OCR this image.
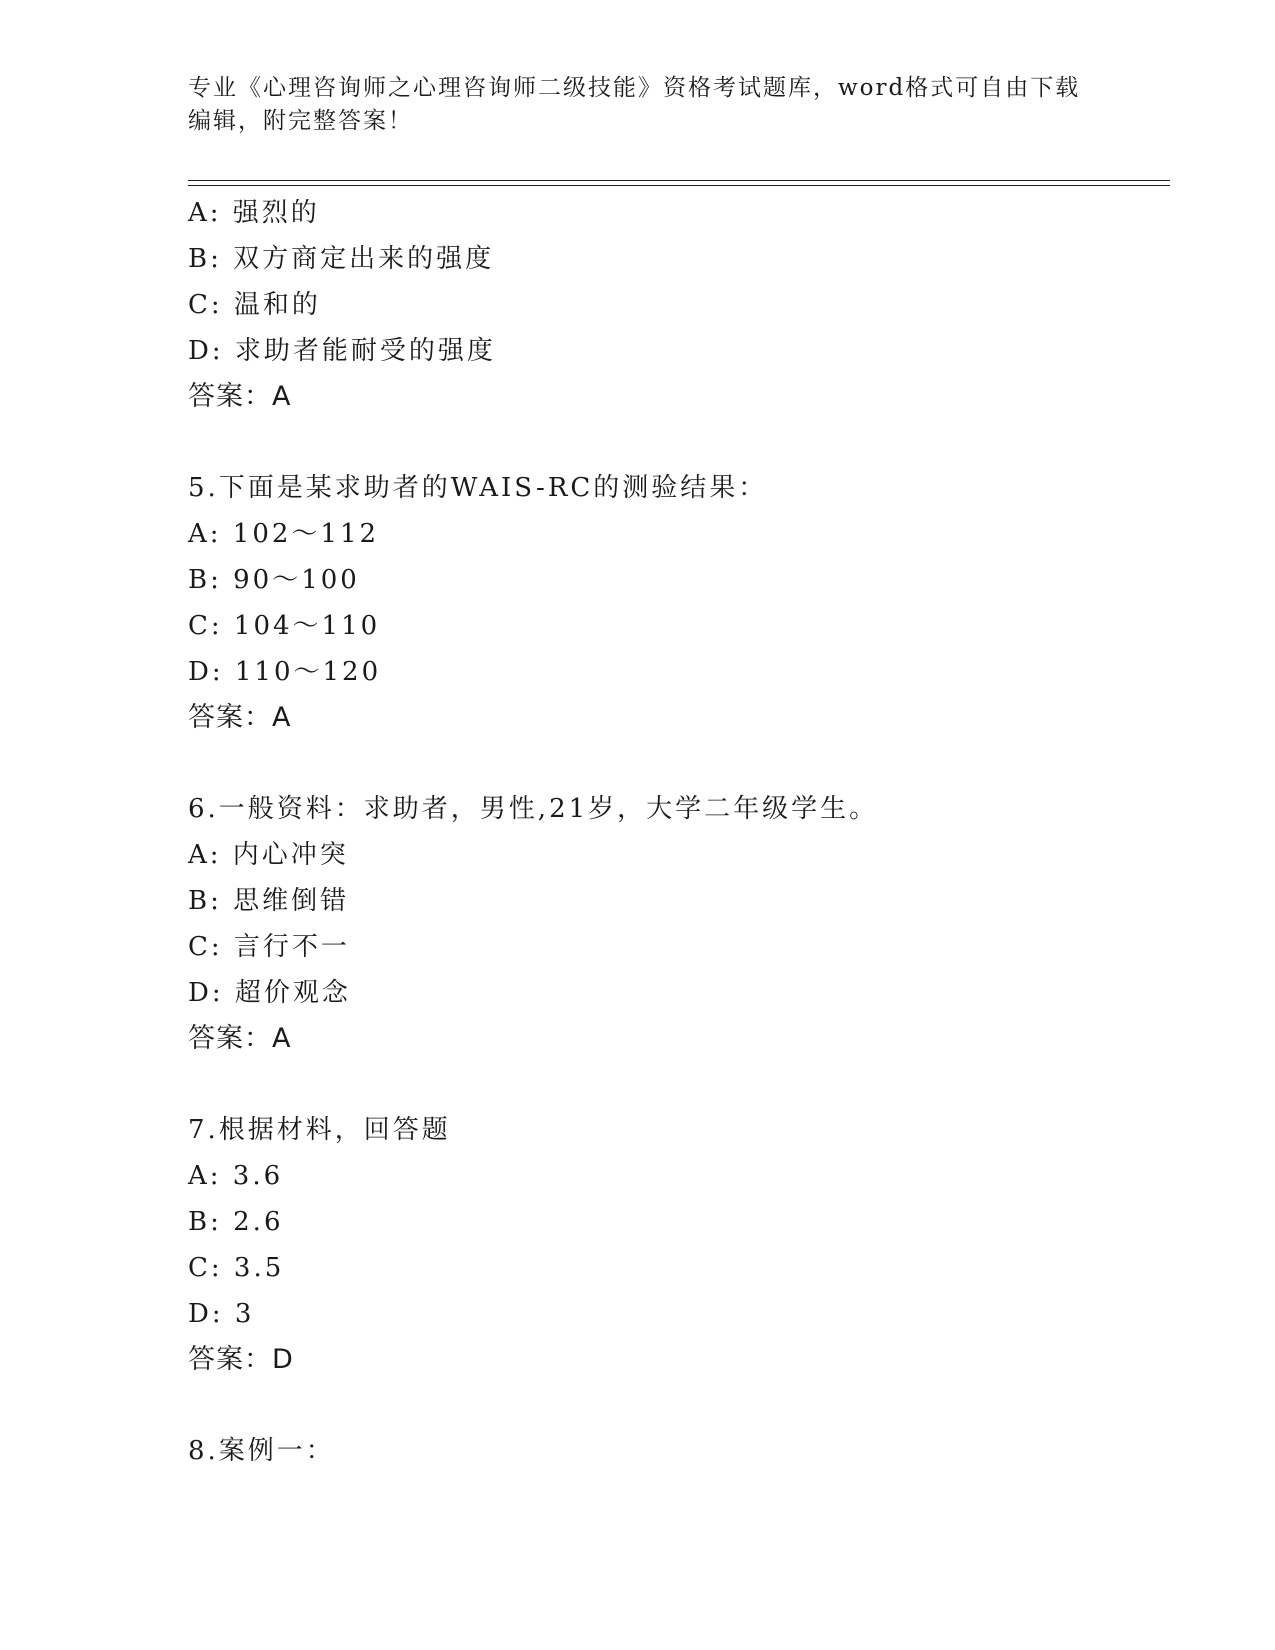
专业《心理咨询师之心理咨询师二级技能》资格考试题库，word格式可自由下载
编辑，附完整答案！
A: 强烈的
B: 双方商定出来的强度
C: 温和的
D: 求助者能耐受的强度
答案：A
5.下面是某求助者的WAIS-RC的测验结果：
A: 102～112
B: 90～100
C: 104～110
D: 110～120
答案：A
6.一般资料：求助者，男性,21岁，大学二年级学生。
A: 内心冲突
B: 思维倒错
C: 言行不一
D: 超价观念
答案：A
7.根据材料，回答题
A: 3.6
B: 2.6
C: 3.5
D: 3
答案：D
8.案例一：
